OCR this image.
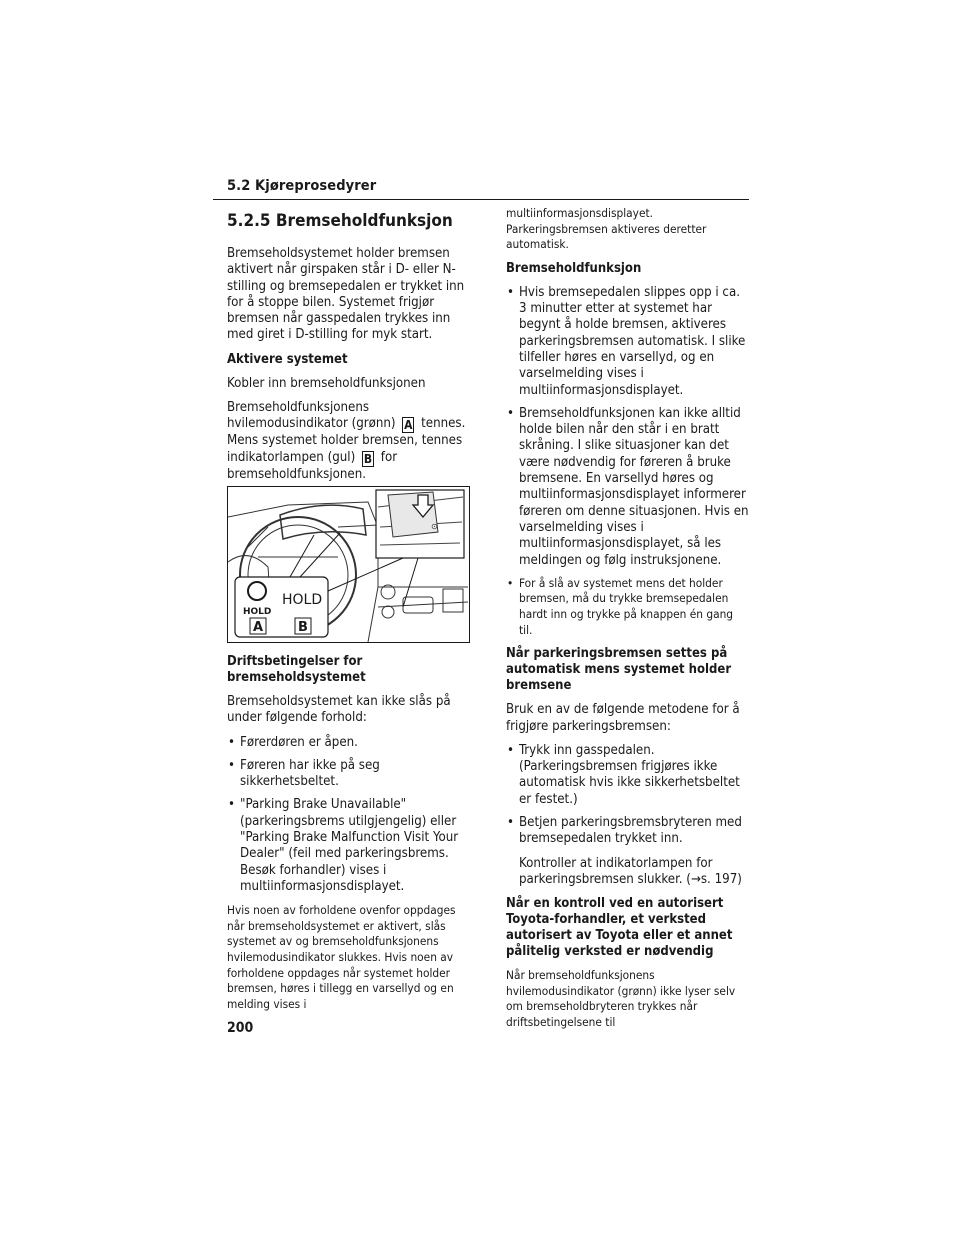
5.2 Kjøreprosedyrer
5.2.5 Bremseholdfunksjon

Bremseholdsystemet holder bremsen aktivert når girspaken står i D- eller N-stilling og bremsepedalen er trykket inn for å stoppe bilen. Systemet frigjør bremsen når gasspedalen trykkes inn med giret i D-stilling for myk start.

Aktivere systemet

Kobler inn bremseholdfunksjonen

Bremseholdfunksjonens hvilemodusindikator (grønn) A tennes. Mens systemet holder bremsen, tennes indikatorlampen (gul) B for bremseholdfunksjonen.

⊙
HOLD
HOLD
A	B
Driftsbetingelser for bremseholdsystemet

Bremseholdsystemet kan ikke slås på under følgende forhold:

• Førerdøren er åpen.
• Føreren har ikke på seg sikkerhetsbeltet.
• "Parking Brake Unavailable" (parkeringsbrems utilgjengelig) eller "Parking Brake Malfunction Visit Your Dealer" (feil med parkeringsbrems. Besøk forhandler) vises i multiinformasjonsdisplayet.

Hvis noen av forholdene ovenfor oppdages når bremseholdsystemet er aktivert, slås systemet av og bremseholdfunksjonens hvilemodusindikator slukkes. Hvis noen av forholdene oppdages når systemet holder bremsen, høres i tillegg en varsellyd og en melding vises i

multiinformasjonsdisplayet. Parkeringsbremsen aktiveres deretter automatisk.

Bremseholdfunksjon
• Hvis bremsepedalen slippes opp i ca. 3 minutter etter at systemet har begynt å holde bremsen, aktiveres parkeringsbremsen automatisk. I slike tilfeller høres en varsellyd, og en varselmelding vises i multiinformasjonsdisplayet.
• Bremseholdfunksjonen kan ikke alltid holde bilen når den står i en bratt skråning. I slike situasjoner kan det være nødvendig for føreren å bruke bremsene. En varsellyd høres og multiinformasjonsdisplayet informerer føreren om denne situasjonen. Hvis en varselmelding vises i multiinformasjonsdisplayet, så les meldingen og følg instruksjonene.
• For å slå av systemet mens det holder bremsen, må du trykke bremsepedalen hardt inn og trykke på knappen én gang til.
Når parkeringsbremsen settes på automatisk mens systemet holder bremsene

Bruk en av de følgende metodene for å frigjøre parkeringsbremsen:

• Trykk inn gasspedalen. (Parkeringsbremsen frigjøres ikke automatisk hvis ikke sikkerhetsbeltet er festet.)
• Betjen parkeringsbremsbryteren med bremsepedalen trykket inn.

Kontroller at indikatorlampen for parkeringsbremsen slukker. (→s. 197)

Når en kontroll ved en autorisert Toyota-forhandler, et verksted autorisert av Toyota eller et annet pålitelig verksted er nødvendig

Når bremseholdfunksjonens hvilemodusindikator (grønn) ikke lyser selv om bremseholdbryteren trykkes når driftsbetingelsene til

200
